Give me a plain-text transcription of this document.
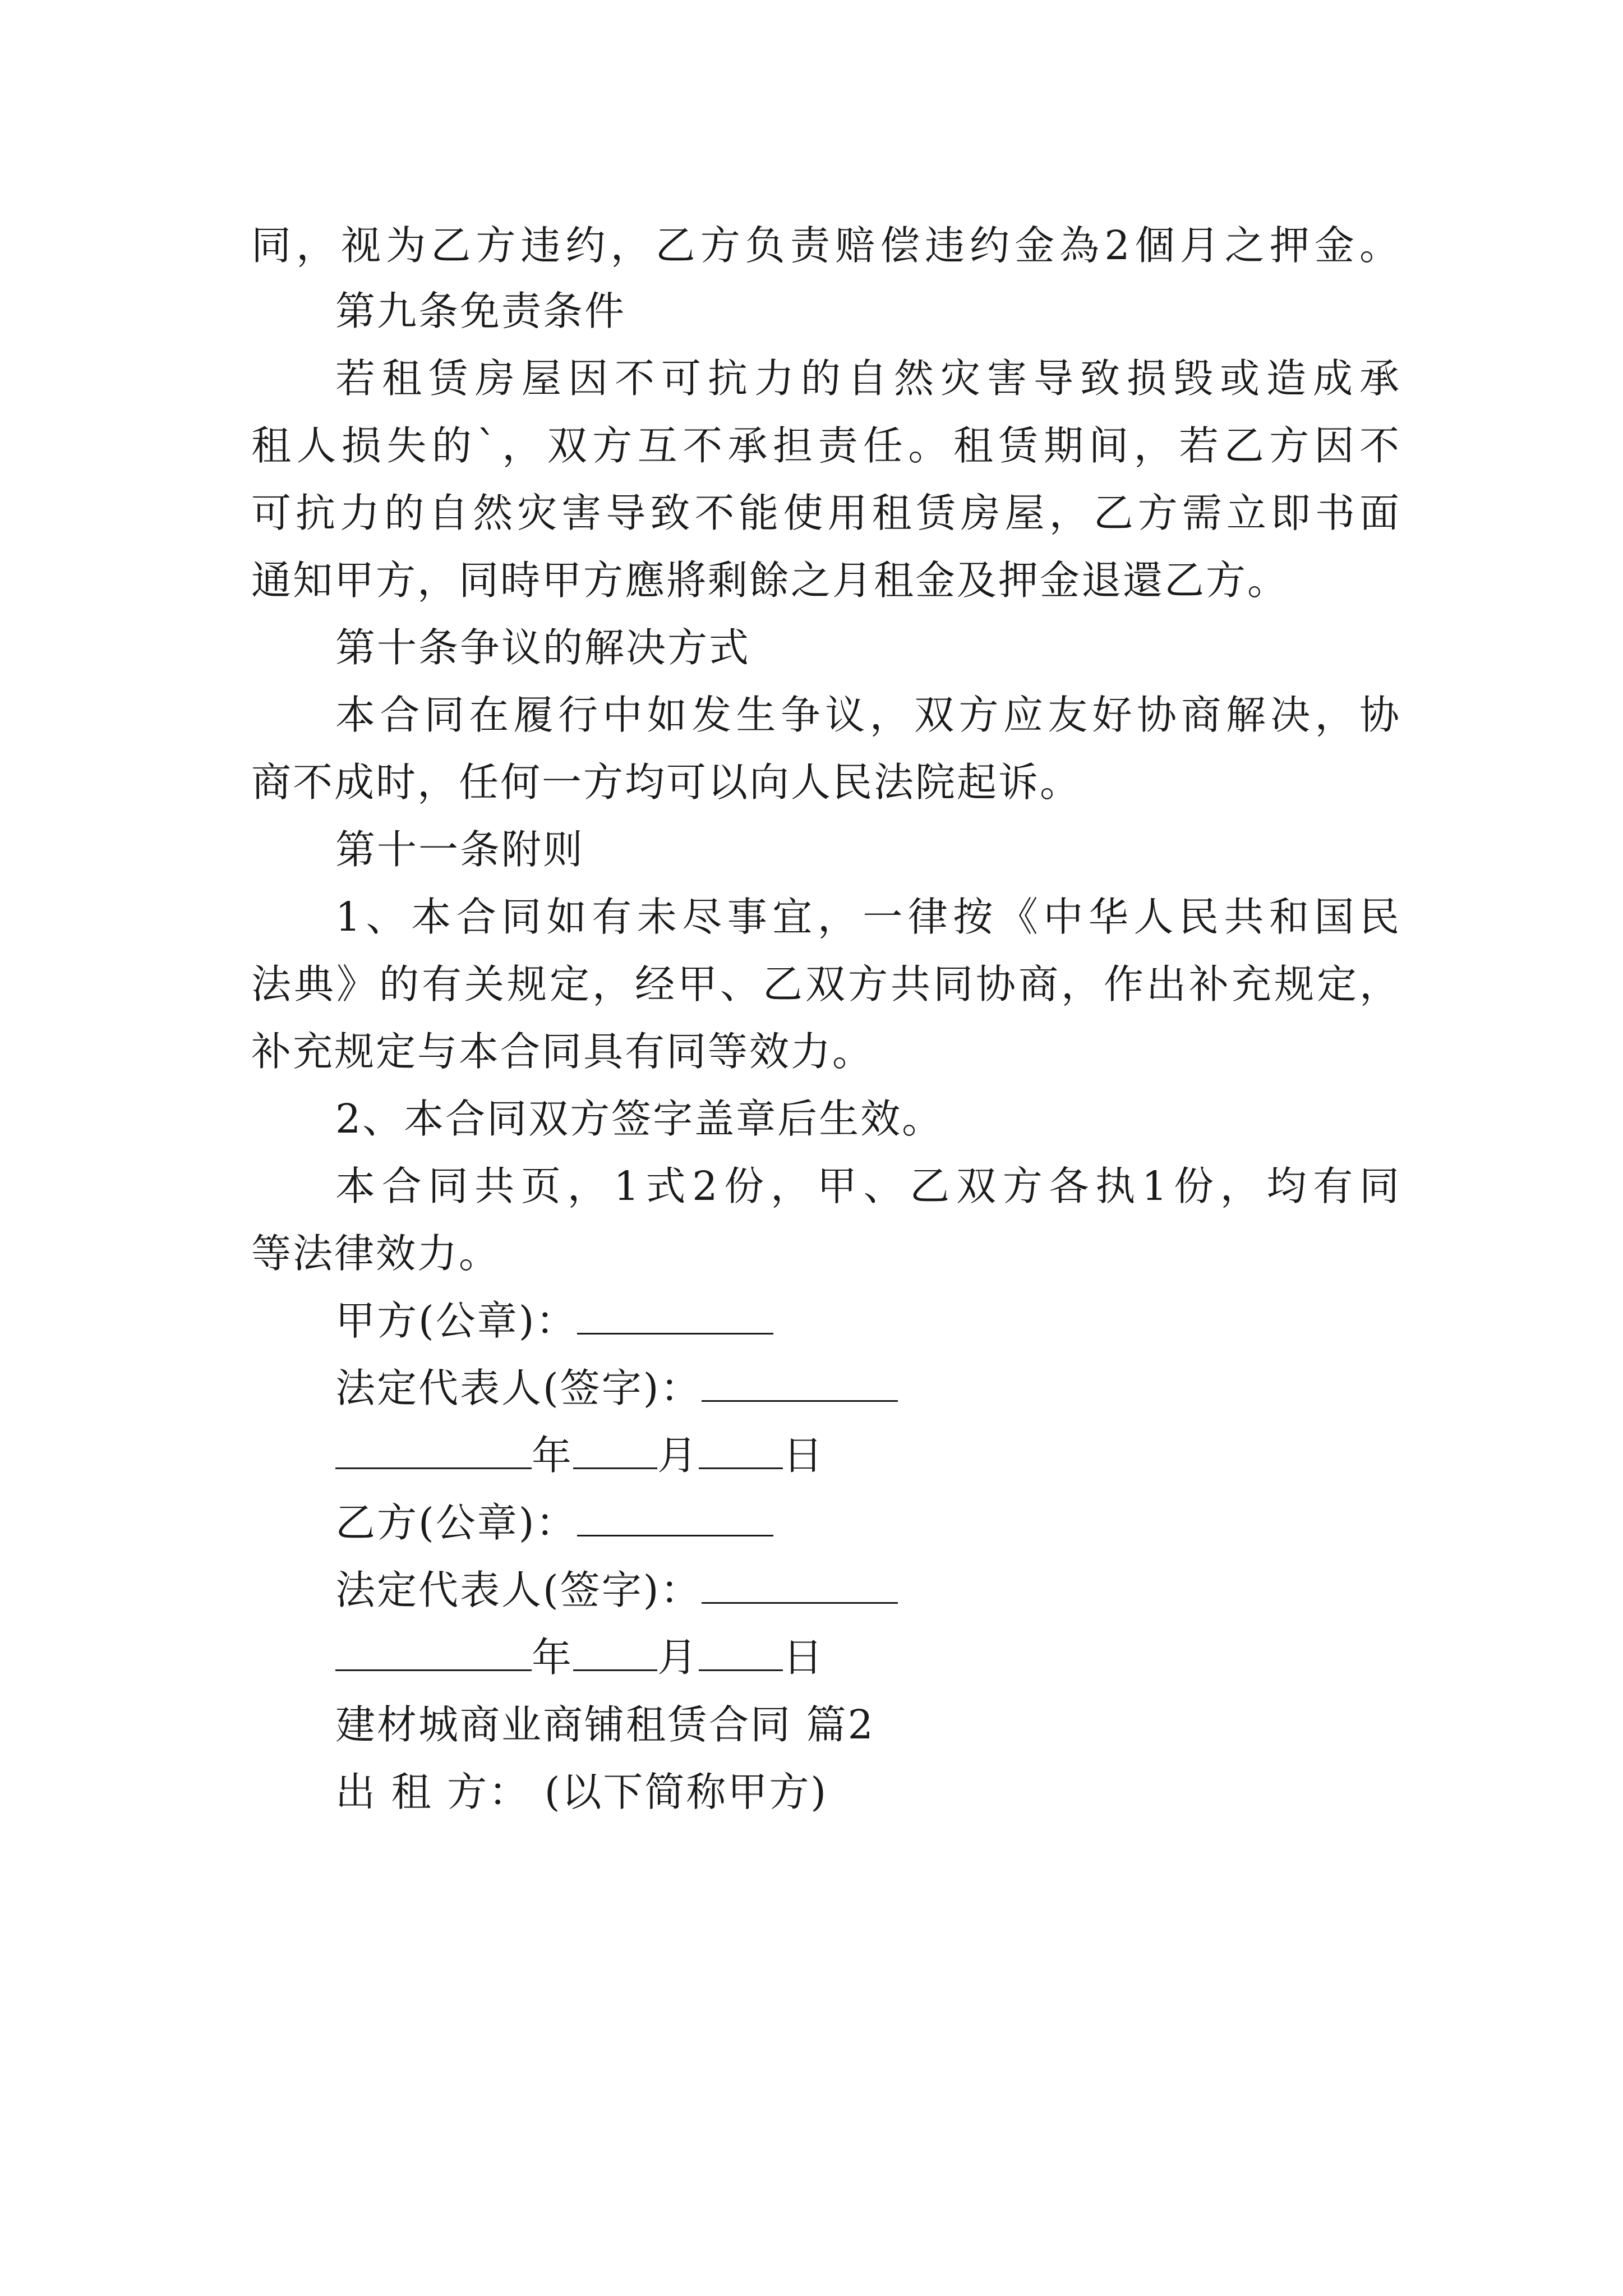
同，视为乙方违约，乙方负责赔偿违约金為2個月之押金。
第九条免责条件
若租赁房屋因不可抗力的自然灾害导致损毁或造成承
租人损失的`，双方互不承担责任。租赁期间，若乙方因不
可抗力的自然灾害导致不能使用租赁房屋，乙方需立即书面
通知甲方，同時甲方應將剩餘之月租金及押金退還乙方。
第十条争议的解决方式
本合同在履行中如发生争议，双方应友好协商解决，协
商不成时，任何一方均可以向人民法院起诉。
第十一条附则
1、本合同如有未尽事宜，一律按《中华人民共和国民
法典》的有关规定，经甲、乙双方共同协商，作出补充规定，
补充规定与本合同具有同等效力。
2、本合同双方签字盖章后生效。
本合同共页，1式2份，甲、乙双方各执1份，均有同
等法律效力。
甲方(公章)：
法定代表人(签字)：
年 月 日
乙方(公章)：
法定代表人(签字)：
年 月 日
建材城商业商铺租赁合同 篇2
出 租 方： (以下简称甲方)
